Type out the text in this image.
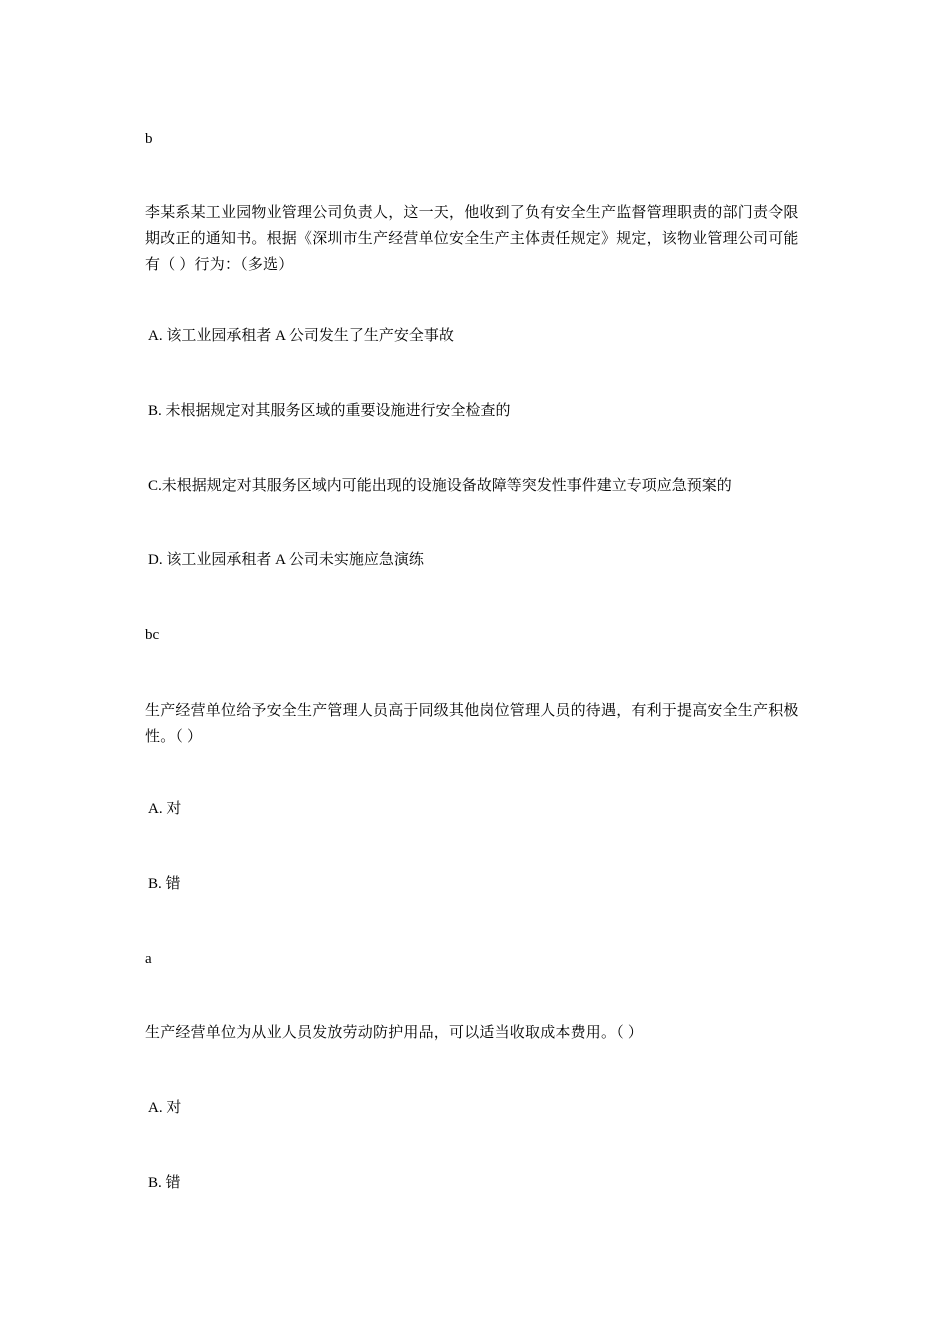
b

李某系某工业园物业管理公司负责人，这一天，他收到了负有安全生产监督管理职责的部门责令限期改正的通知书。根据《深圳市生产经营单位安全生产主体责任规定》规定，该物业管理公司可能有（ ）行为：（多选）

A. 该工业园承租者 A 公司发生了生产安全事故

B. 未根据规定对其服务区域的重要设施进行安全检查的

C.未根据规定对其服务区域内可能出现的设施设备故障等突发性事件建立专项应急预案的

D. 该工业园承租者 A 公司未实施应急演练

bc

生产经营单位给予安全生产管理人员高于同级其他岗位管理人员的待遇，有利于提高安全生产积极性。（ ）

A. 对

B. 错

a

生产经营单位为从业人员发放劳动防护用品，可以适当收取成本费用。（ ）

A. 对

B. 错
